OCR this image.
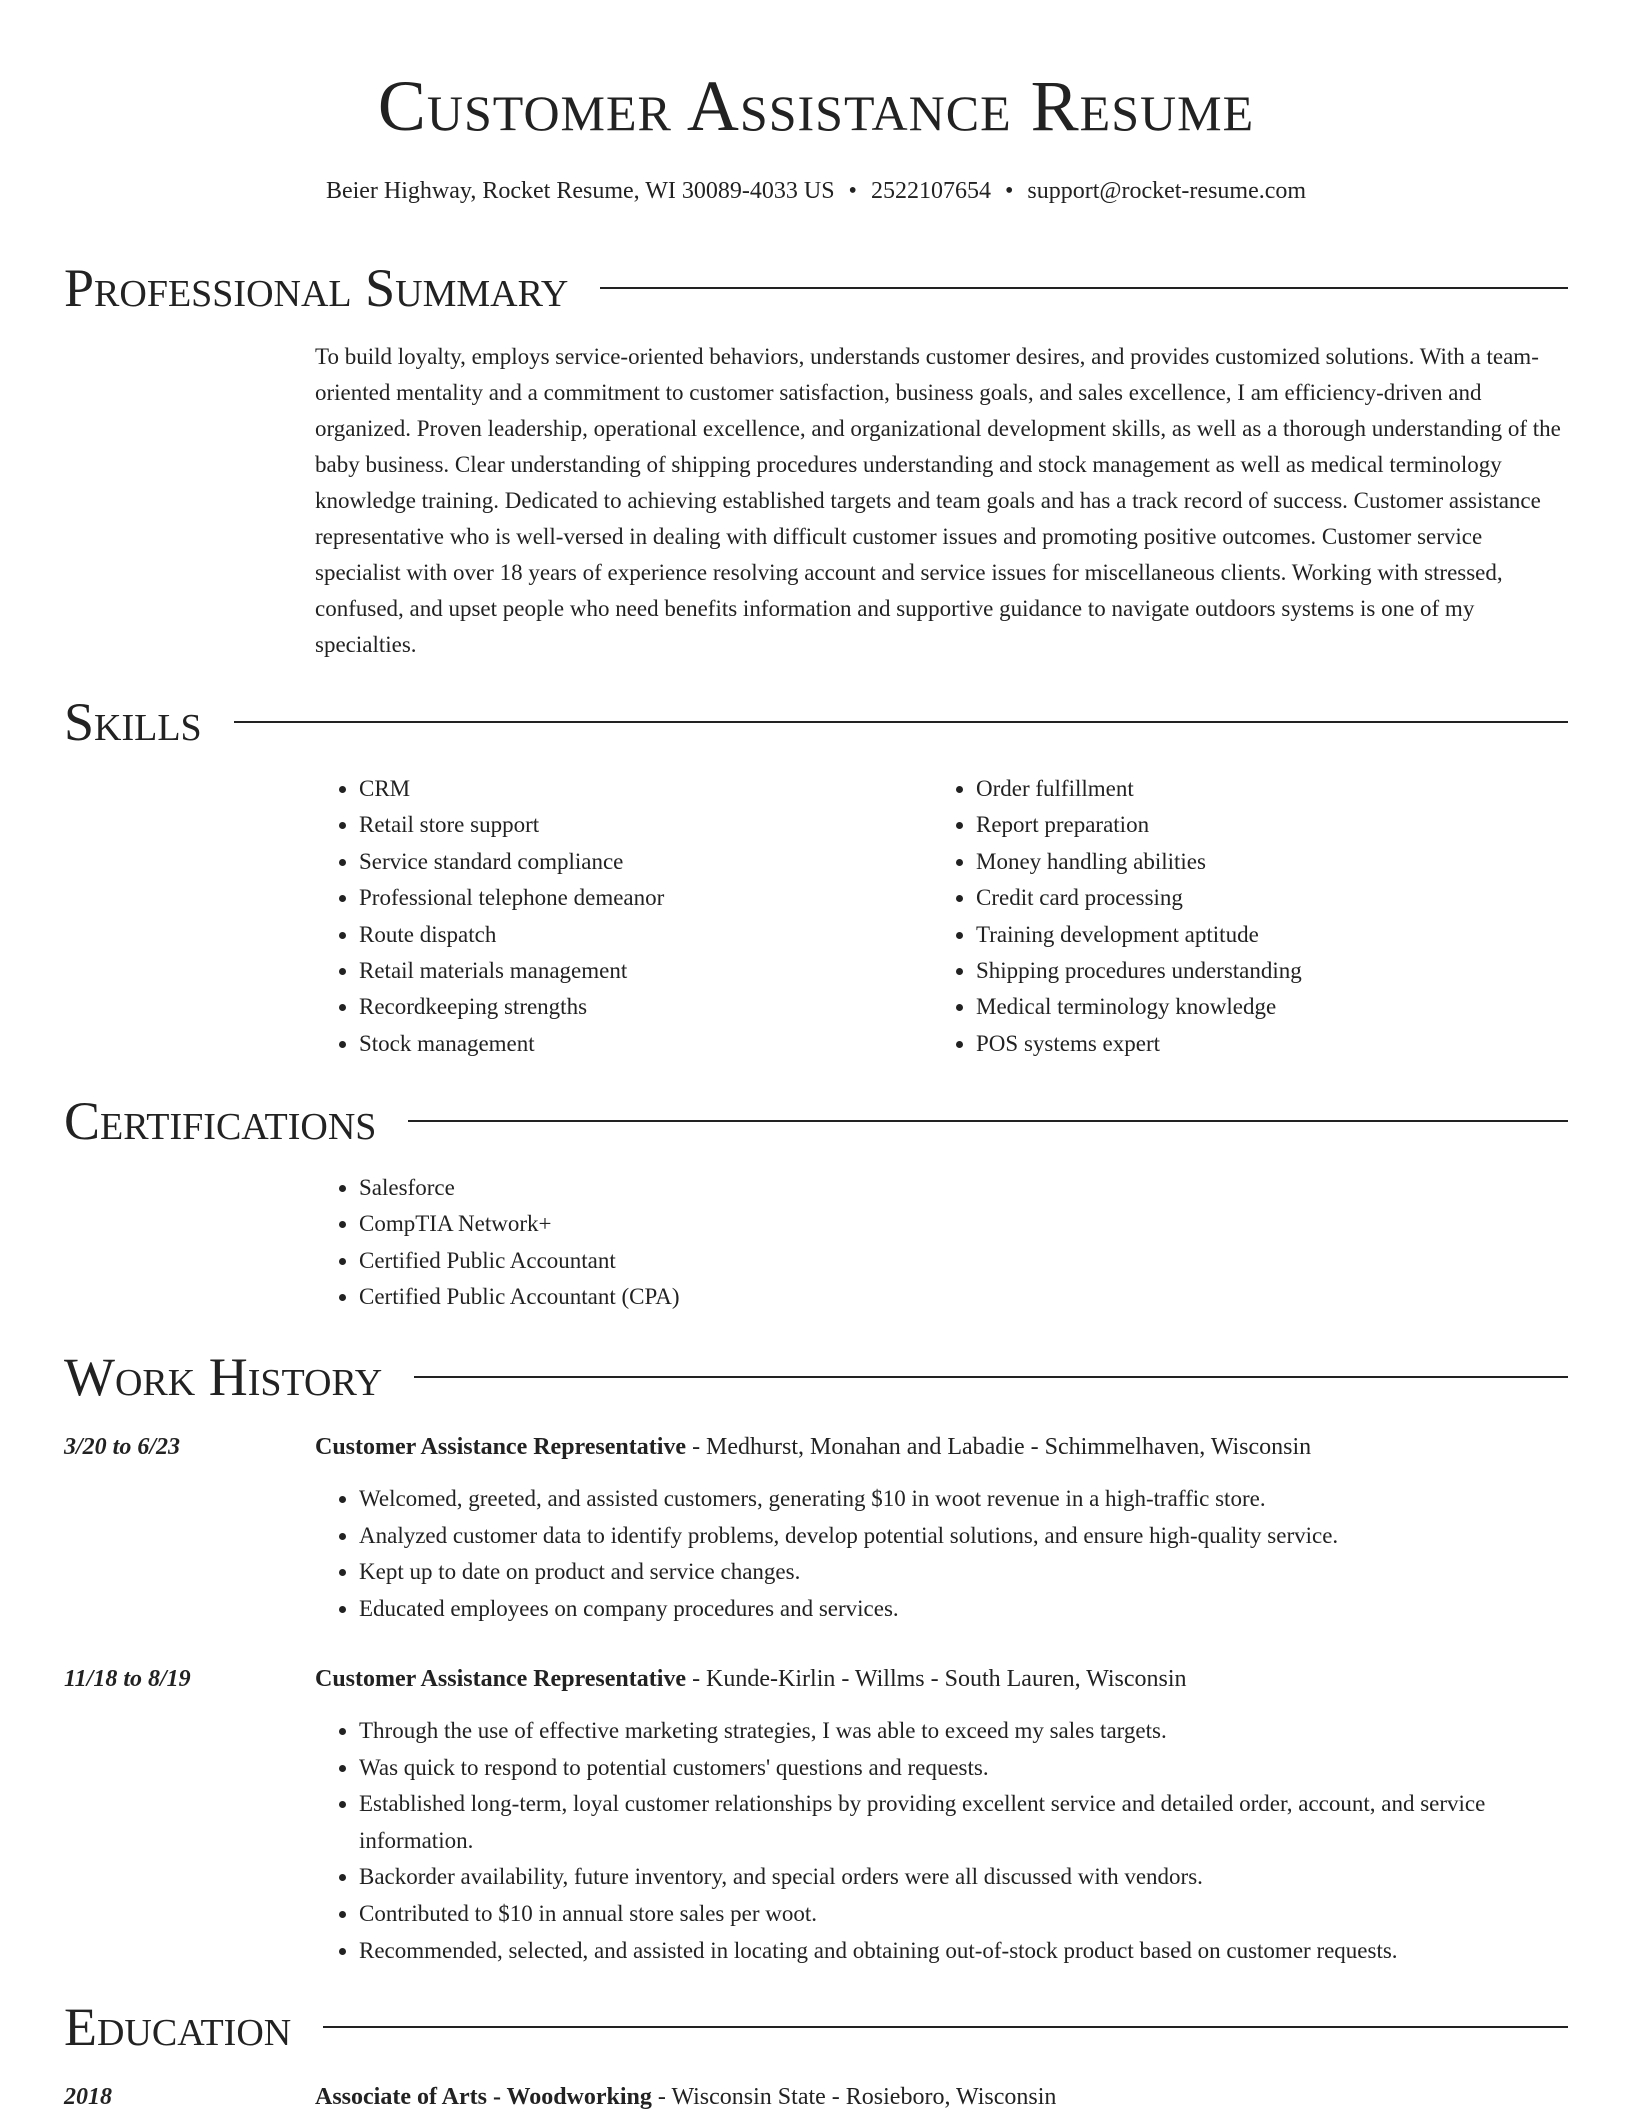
Customer Assistance Resume
Beier Highway, Rocket Resume, WI 30089-4033 US • 2522107654 • support@rocket-resume.com
Professional Summary

To build loyalty, employs service-oriented behaviors, understands customer desires, and provides customized solutions. With a team-oriented mentality and a commitment to customer satisfaction, business goals, and sales excellence, I am efficiency-driven and organized. Proven leadership, operational excellence, and organizational development skills, as well as a thorough understanding of the baby business. Clear understanding of shipping procedures understanding and stock management as well as medical terminology knowledge training. Dedicated to achieving established targets and team goals and has a track record of success. Customer assistance representative who is well-versed in dealing with difficult customer issues and promoting positive outcomes. Customer service specialist with over 18 years of experience resolving account and service issues for miscellaneous clients. Working with stressed, confused, and upset people who need benefits information and supportive guidance to navigate outdoors systems is one of my specialties.

Skills
• CRM
• Retail store support
• Service standard compliance
• Professional telephone demeanor
• Route dispatch
• Retail materials management
• Recordkeeping strengths
• Stock management
• Order fulfillment
• Report preparation
• Money handling abilities
• Credit card processing
• Training development aptitude
• Shipping procedures understanding
• Medical terminology knowledge
• POS systems expert
Certifications
• Salesforce
• CompTIA Network+
• Certified Public Accountant
• Certified Public Accountant (CPA)
Work History
3/20 to 6/23	Customer Assistance Representative - Medhurst, Monahan and Labadie - Schimmelhaven, Wisconsin
• Welcomed, greeted, and assisted customers, generating $10 in woot revenue in a high-traffic store.
• Analyzed customer data to identify problems, develop potential solutions, and ensure high-quality service.
• Kept up to date on product and service changes.
• Educated employees on company procedures and services.
11/18 to 8/19	Customer Assistance Representative - Kunde-Kirlin - Willms - South Lauren, Wisconsin
• Through the use of effective marketing strategies, I was able to exceed my sales targets.
• Was quick to respond to potential customers' questions and requests.
• Established long-term, loyal customer relationships by providing excellent service and detailed order, account, and service information.
• Backorder availability, future inventory, and special orders were all discussed with vendors.
• Contributed to $10 in annual store sales per woot.
• Recommended, selected, and assisted in locating and obtaining out-of-stock product based on customer requests.
Education
2018	Associate of Arts - Woodworking - Wisconsin State - Rosieboro, Wisconsin
